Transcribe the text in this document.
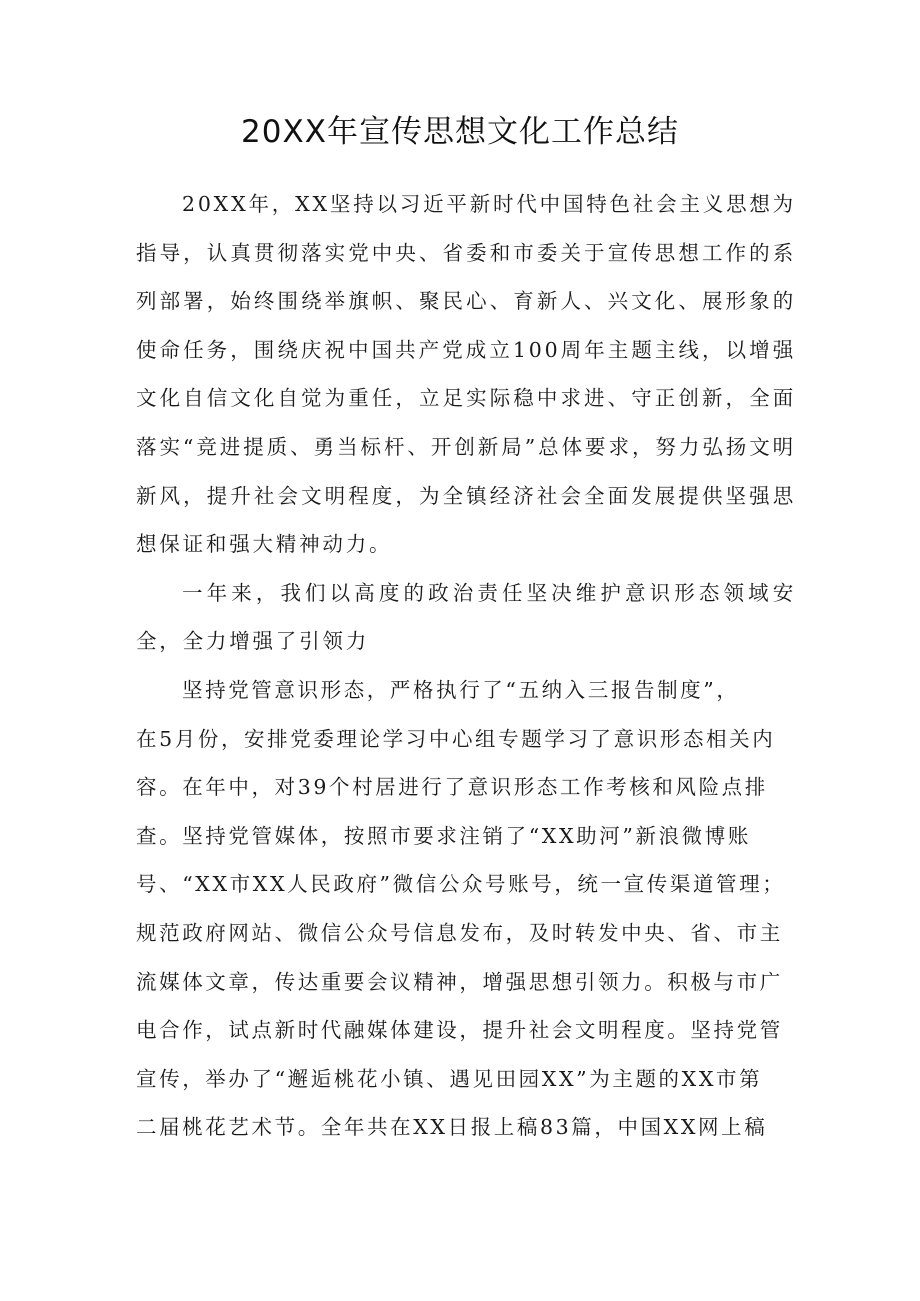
20XX年宣传思想文化工作总结

20XX年，XX坚持以习近平新时代中国特色社会主义思想为指导，认真贯彻落实党中央、省委和市委关于宣传思想工作的系列部署，始终围绕举旗帜、聚民心、育新人、兴文化、展形象的使命任务，围绕庆祝中国共产党成立100周年主题主线，以增强文化自信文化自觉为重任，立足实际稳中求进、守正创新，全面落实“竞进提质、勇当标杆、开创新局”总体要求，努力弘扬文明新风，提升社会文明程度，为全镇经济社会全面发展提供坚强思想保证和强大精神动力。

一年来，我们以高度的政治责任坚决维护意识形态领域安全，全力增强了引领力

坚持党管意识形态，严格执行了“五纳入三报告制度”，
在5月份，安排党委理论学习中心组专题学习了意识形态相关内
容。在年中，对39个村居进行了意识形态工作考核和风险点排
查。坚持党管媒体，按照市要求注销了“XX助河”新浪微博账
号、“XX市XX人民政府”微信公众号账号，统一宣传渠道管理；
规范政府网站、微信公众号信息发布，及时转发中央、省、市主
流媒体文章，传达重要会议精神，增强思想引领力。积极与市广
电合作，试点新时代融媒体建设，提升社会文明程度。坚持党管
宣传，举办了“邂逅桃花小镇、遇见田园XX”为主题的XX市第
二届桃花艺术节。全年共在XX日报上稿83篇，中国XX网上稿
